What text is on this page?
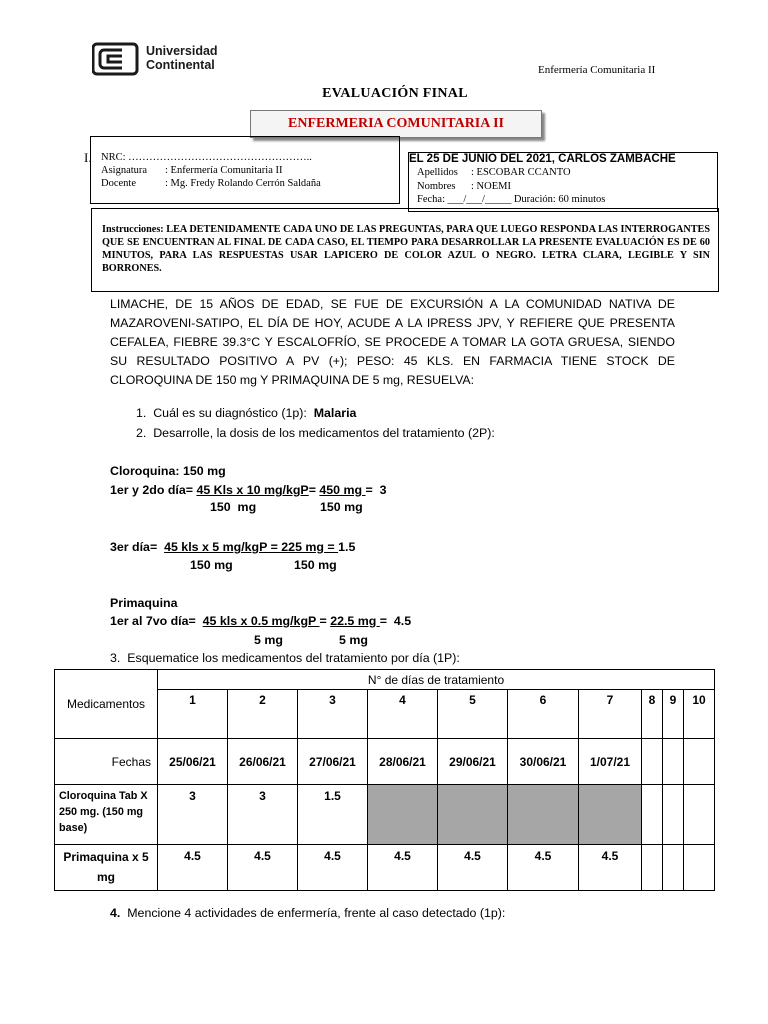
Universidad
Continental	Enfermería Comunitaria II
EVALUACIÓN FINAL
ENFERMERIA COMUNITARIA II
I. NRC: ……………………………………………..
Asignatura : Enfermería Comunitaria II
Docente	: Mg. Fredy Rolando Cerrón Saldaña
EL 25 DE JUNIO DEL 2021, CARLOS ZAMBACHE
Apellidos : ESCOBAR CCANTO
Nombres : NOEMI
Fecha: ___/___/_____ Duración: 60 minutos

Instrucciones: LEA DETENIDAMENTE CADA UNO DE LAS PREGUNTAS, PARA QUE LUEGO RESPONDA LAS INTERROGANTES QUE SE ENCUENTRAN AL FINAL DE CADA CASO, EL TIEMPO PARA DESARROLLAR LA PRESENTE EVALUACIÓN ES DE 60 MINUTOS, PARA LAS RESPUESTAS USAR LAPICERO DE COLOR AZUL O NEGRO. LETRA CLARA, LEGIBLE Y SIN BORRONES.

LIMACHE, DE 15 AÑOS DE EDAD, SE FUE DE EXCURSIÓN A LA COMUNIDAD NATIVA DE MAZAROVENI-SATIPO, EL DÍA DE HOY, ACUDE A LA IPRESS JPV, Y REFIERE QUE PRESENTA CEFALEA, FIEBRE 39.3°C Y ESCALOFRÍO, SE PROCEDE A TOMAR LA GOTA GRUESA, SIENDO SU RESULTADO POSITIVO A PV (+); PESO: 45 KLS. EN FARMACIA TIENE STOCK DE CLOROQUINA DE 150 mg Y PRIMAQUINA DE 5 mg, RESUELVA:
1. Cuál es su diagnóstico (1p): Malaria
2. Desarrolle, la dosis de los medicamentos del tratamiento (2P):
Cloroquina: 150 mg
1er y 2do día= 45 Kls x 10 mg/kgP= 450 mg =  3
150  mg	150 mg
3er día=  45 kls x 5 mg/kgP = 225 mg = 1.5
150 mg	150 mg
Primaquina
1er al 7vo día=  45 kls x 0.5 mg/kgP = 22.5 mg =  4.5
5 mg	5 mg
3. Esquematice los medicamentos del tratamiento por día (1P):
Medicamentos	N° de días de tratamiento									
	1	2	3	4	5	6	7	8	9	10
Fechas	25/06/21	26/06/21	27/06/21	28/06/21	29/06/21	30/06/21	1/07/21			
Cloroquina Tab X 250 mg. (150 mg base)	3	3	1.5							
Primaquina x 5 mg	4.5	4.5	4.5	4.5	4.5	4.5	4.5			
4. Mencione 4 actividades de enfermería, frente al caso detectado (1p):
